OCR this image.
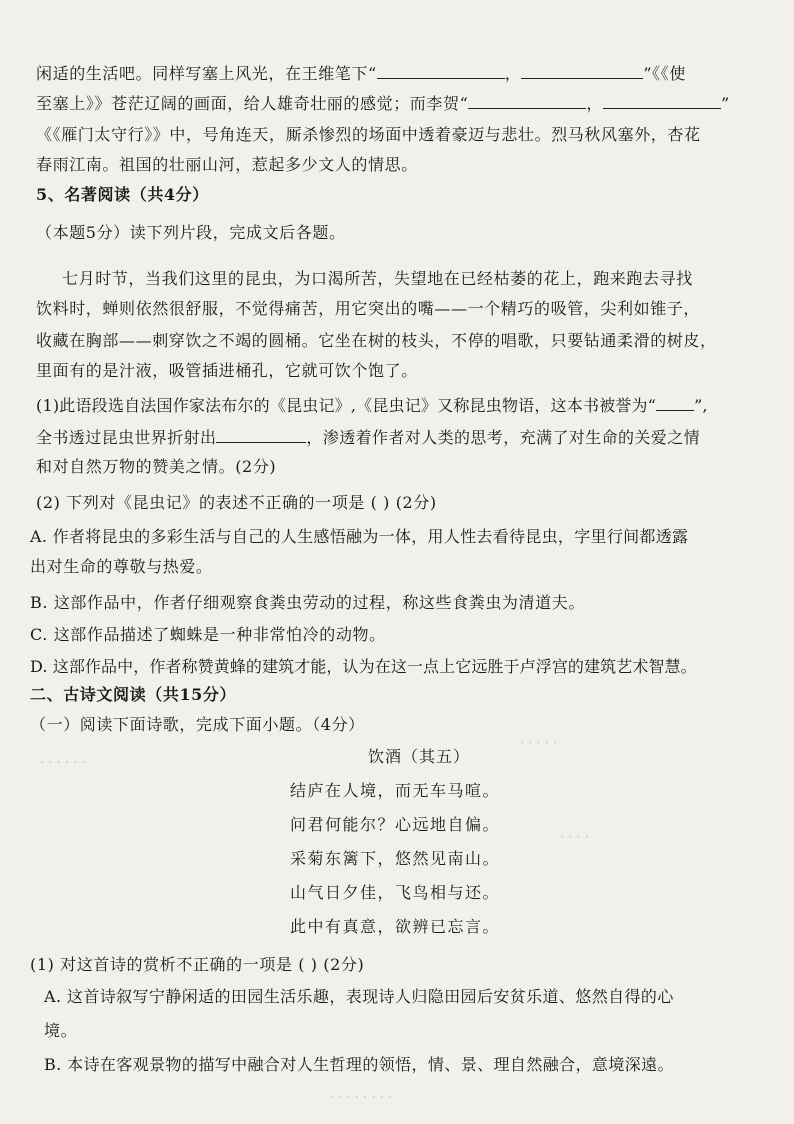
闲适的生活吧。同样写塞上风光，在王维笔下“	，	”《《使
至塞上》》苍茫辽阔的画面，给人雄奇壮丽的感觉；而李贺“	，	”
《《雁门太守行》》中，号角连天，厮杀惨烈的场面中透着豪迈与悲壮。烈马秋风塞外，杏花
春雨江南。祖国的壮丽山河，惹起多少文人的情思。
5、名著阅读（共4分）
（本题5分）读下列片段，完成文后各题。
七月时节，当我们这里的昆虫，为口渴所苦，失望地在已经枯萎的花上，跑来跑去寻找
饮料时，蝉则依然很舒服，不觉得痛苦，用它突出的嘴——一个精巧的吸管，尖利如锥子，
收藏在胸部——刺穿饮之不竭的圆桶。它坐在树的枝头，不停的唱歌，只要钻通柔滑的树皮，
里面有的是汁液，吸管插进桶孔，它就可饮个饱了。
(1)此语段选自法国作家法布尔的《昆虫记》,《昆虫记》又称昆虫物语，这本书被誉为“ ”,
全书透过昆虫世界折射出	，渗透着作者对人类的思考，充满了对生命的关爱之情
和对自然万物的赞美之情。(2分)
(2) 下列对《昆虫记》的表述不正确的一项是 ( ) (2分)
A. 作者将昆虫的多彩生活与自己的人生感悟融为一体，用人性去看待昆虫，字里行间都透露
出对生命的尊敬与热爱。
B. 这部作品中，作者仔细观察食粪虫劳动的过程，称这些食粪虫为清道夫。
C. 这部作品描述了蜘蛛是一种非常怕冷的动物。
D. 这部作品中，作者称赞黄蜂的建筑才能，认为在这一点上它远胜于卢浮宫的建筑艺术智慧。
二、古诗文阅读（共15分）
（一）阅读下面诗歌，完成下面小题。（4分）
饮酒（其五）
结庐在人境，而无车马喧。
问君何能尔？心远地自偏。
采菊东篱下，悠然见南山。
山气日夕佳，飞鸟相与还。
此中有真意，欲辨已忘言。
(1) 对这首诗的赏析不正确的一项是 ( ) (2分)
A. 这首诗叙写宁静闲适的田园生活乐趣，表现诗人归隐田园后安贫乐道、悠然自得的心
境。
B. 本诗在客观景物的描写中融合对人生哲理的领悟，情、景、理自然融合，意境深遠。
. . . . . .
· · · · ·
· · · ·
· · · · · · · ·
